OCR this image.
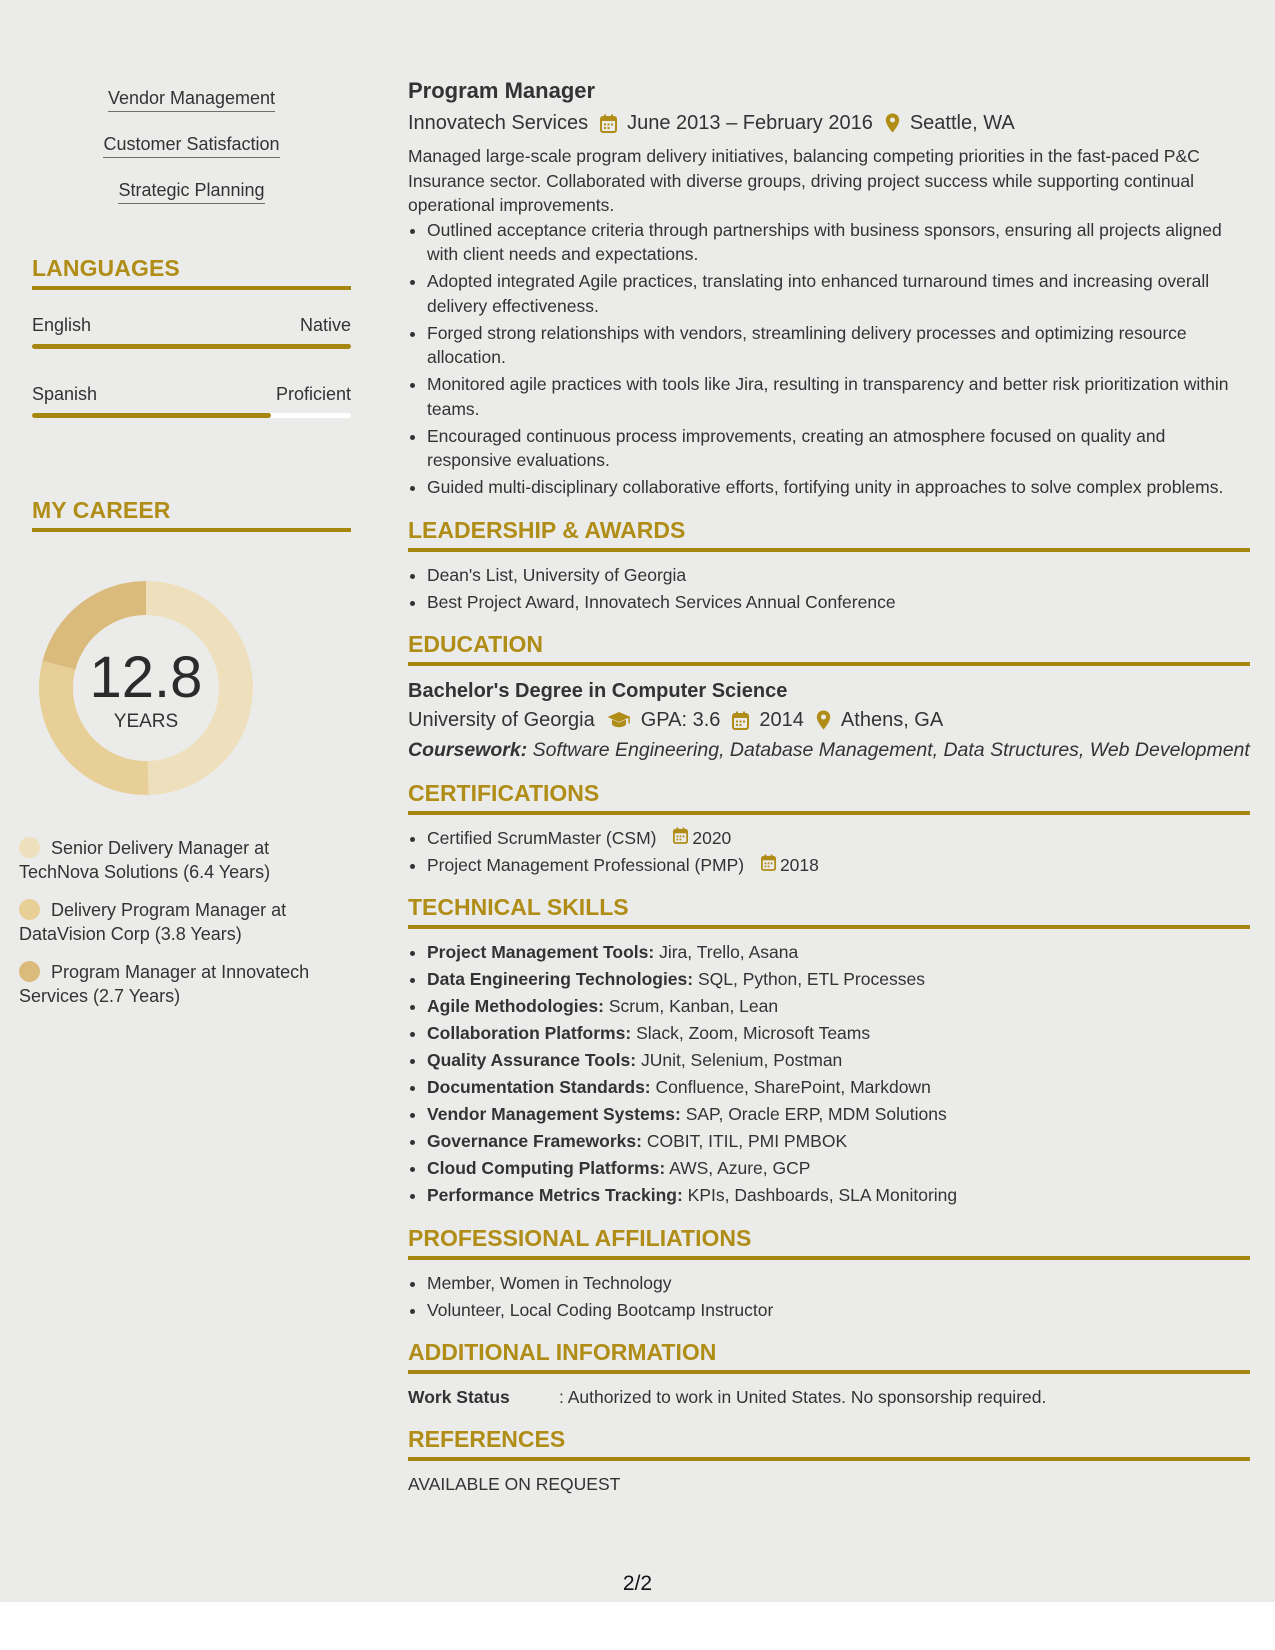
Vendor Management
Customer Satisfaction
Strategic Planning
LANGUAGES
English	Native
Spanish	Proficient
MY CAREER
12.8
YEARS
Senior Delivery Manager at TechNova Solutions (6.4 Years)
Delivery Program Manager at DataVision Corp (3.8 Years)
Program Manager at Innovatech Services (2.7 Years)
Program Manager
Innovatech Services June 2013 – February 2016 Seattle, WA
Managed large-scale program delivery initiatives, balancing competing priorities in the fast-paced P&C Insurance sector. Collaborated with diverse groups, driving project success while supporting continual operational improvements.
• Outlined acceptance criteria through partnerships with business sponsors, ensuring all projects aligned with client needs and expectations.
• Adopted integrated Agile practices, translating into enhanced turnaround times and increasing overall delivery effectiveness.
• Forged strong relationships with vendors, streamlining delivery processes and optimizing resource allocation.
• Monitored agile practices with tools like Jira, resulting in transparency and better risk prioritization within teams.
• Encouraged continuous process improvements, creating an atmosphere focused on quality and responsive evaluations.
• Guided multi-disciplinary collaborative efforts, fortifying unity in approaches to solve complex problems.
LEADERSHIP & AWARDS
• Dean's List, University of Georgia
• Best Project Award, Innovatech Services Annual Conference
EDUCATION
Bachelor's Degree in Computer Science
University of Georgia GPA: 3.6 2014 Athens, GA
Coursework: Software Engineering, Database Management, Data Structures, Web Development
CERTIFICATIONS
• Certified ScrumMaster (CSM) 2020
• Project Management Professional (PMP) 2018
TECHNICAL SKILLS
• Project Management Tools: Jira, Trello, Asana
• Data Engineering Technologies: SQL, Python, ETL Processes
• Agile Methodologies: Scrum, Kanban, Lean
• Collaboration Platforms: Slack, Zoom, Microsoft Teams
• Quality Assurance Tools: JUnit, Selenium, Postman
• Documentation Standards: Confluence, SharePoint, Markdown
• Vendor Management Systems: SAP, Oracle ERP, MDM Solutions
• Governance Frameworks: COBIT, ITIL, PMI PMBOK
• Cloud Computing Platforms: AWS, Azure, GCP
• Performance Metrics Tracking: KPIs, Dashboards, SLA Monitoring
PROFESSIONAL AFFILIATIONS
• Member, Women in Technology
• Volunteer, Local Coding Bootcamp Instructor
ADDITIONAL INFORMATION
Work Status	: Authorized to work in United States. No sponsorship required.
REFERENCES
AVAILABLE ON REQUEST
2/2
